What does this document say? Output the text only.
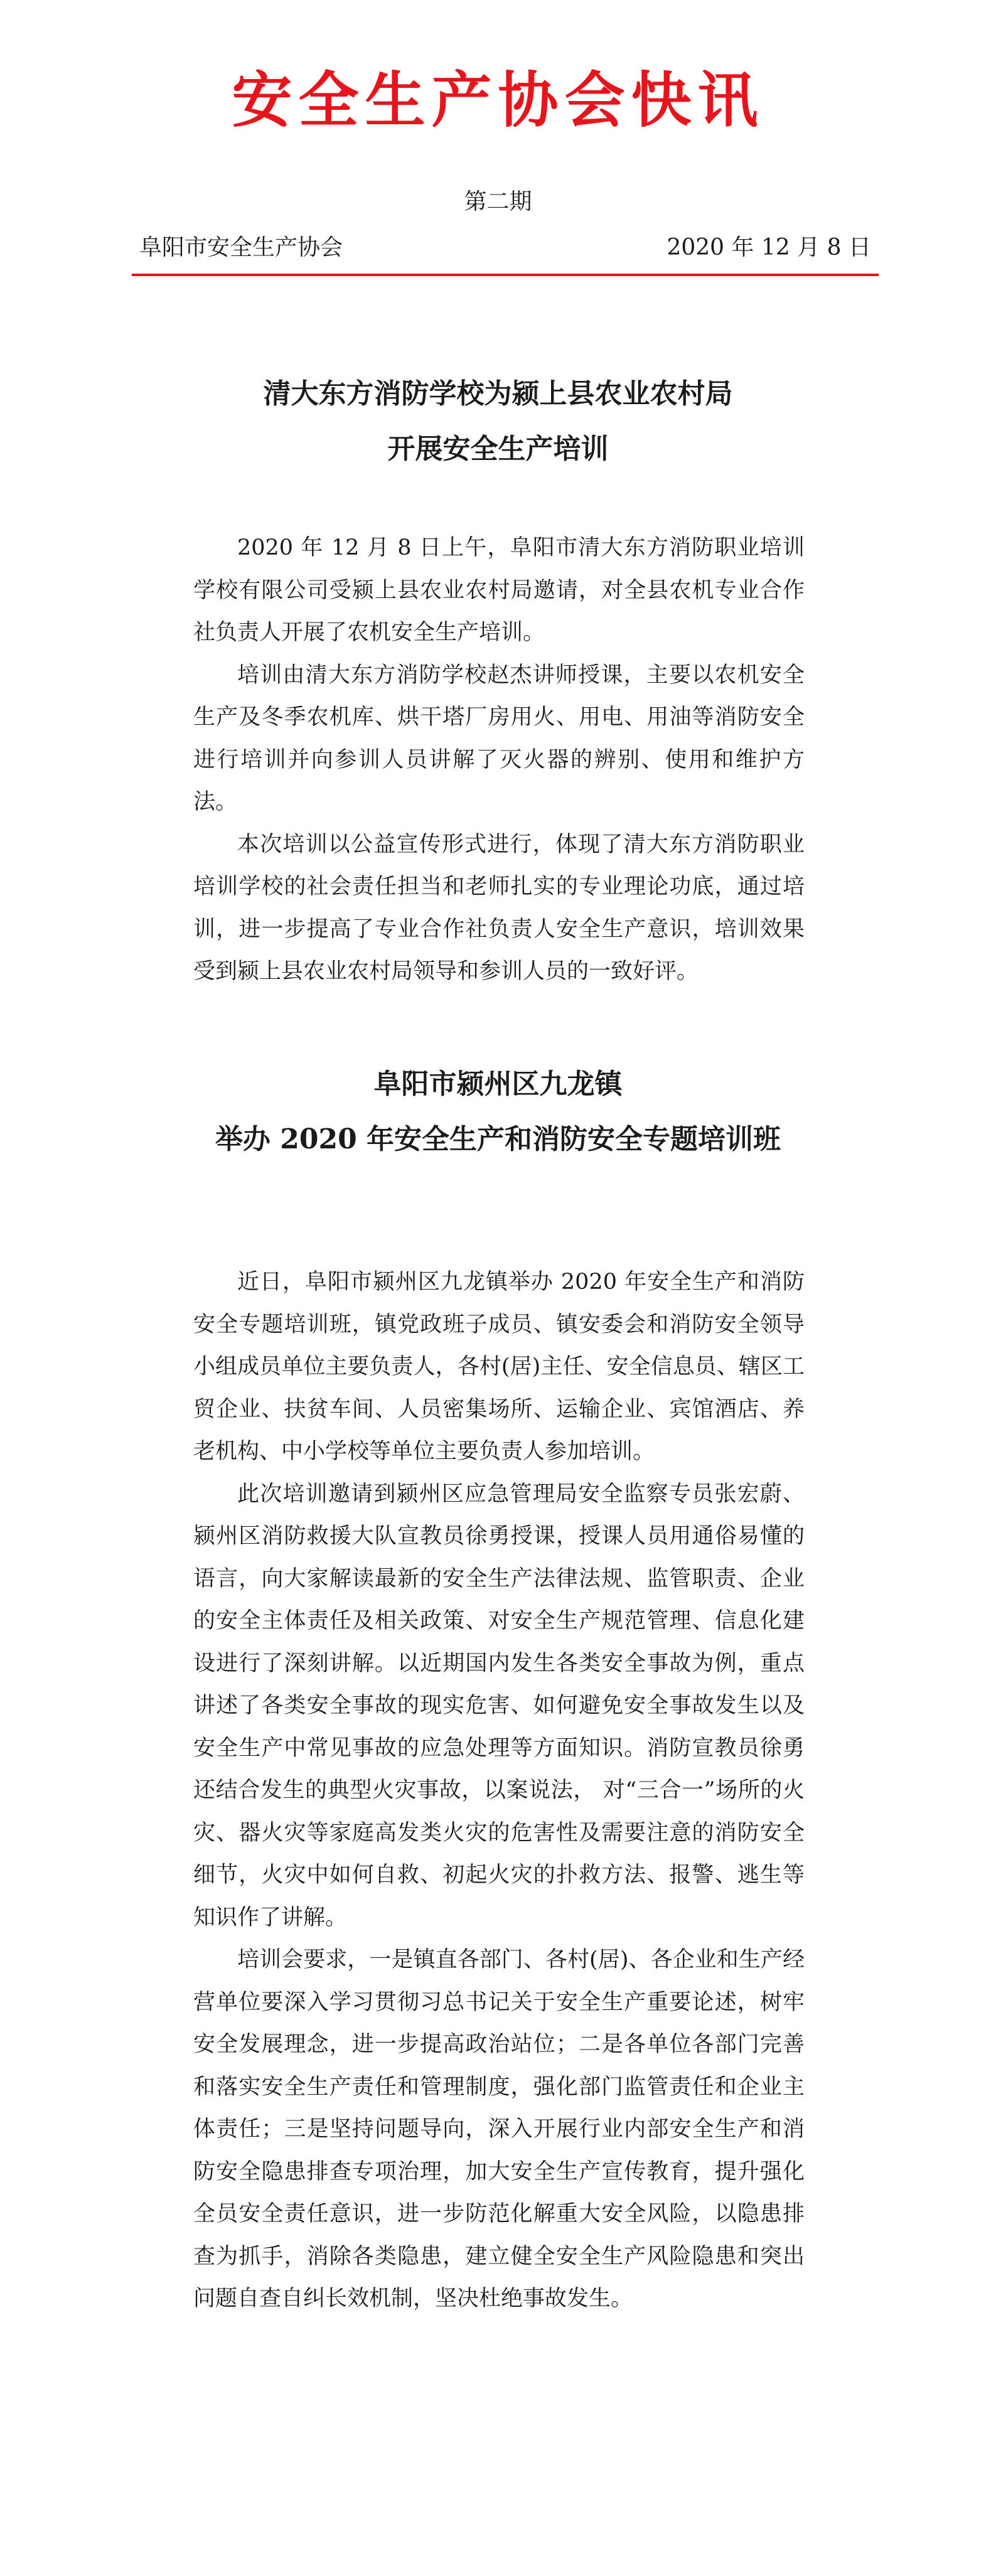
安全生产协会快讯
第二期
阜阳市安全生产协会	2020 年 12 月 8 日
清大东方消防学校为颍上县农业农村局
开展安全生产培训

2020 年 12 月 8 日上午，阜阳市清大东方消防职业培训学校有限公司受颍上县农业农村局邀请，对全县农机专业合作社负责人开展了农机安全生产培训。

培训由清大东方消防学校赵杰讲师授课，主要以农机安全生产及冬季农机库、烘干塔厂房用火、用电、用油等消防安全进行培训并向参训人员讲解了灭火器的辨别、使用和维护方法。

本次培训以公益宣传形式进行，体现了清大东方消防职业培训学校的社会责任担当和老师扎实的专业理论功底，通过培训，进一步提高了专业合作社负责人安全生产意识，培训效果受到颍上县农业农村局领导和参训人员的一致好评。

阜阳市颍州区九龙镇
举办 2020 年安全生产和消防安全专题培训班

近日，阜阳市颍州区九龙镇举办 2020 年安全生产和消防安全专题培训班，镇党政班子成员、镇安委会和消防安全领导小组成员单位主要负责人，各村(居)主任、安全信息员、辖区工贸企业、扶贫车间、人员密集场所、运输企业、宾馆酒店、养老机构、中小学校等单位主要负责人参加培训。

此次培训邀请到颍州区应急管理局安全监察专员张宏蔚、颍州区消防救援大队宣教员徐勇授课，授课人员用通俗易懂的语言，向大家解读最新的安全生产法律法规、监管职责、企业的安全主体责任及相关政策、对安全生产规范管理、信息化建设进行了深刻讲解。以近期国内发生各类安全事故为例，重点讲述了各类安全事故的现实危害、如何避免安全事故发生以及安全生产中常见事故的应急处理等方面知识。消防宣教员徐勇还结合发生的典型火灾事故，以案说法， 对“三合一”场所的火灾、器火灾等家庭高发类火灾的危害性及需要注意的消防安全细节，火灾中如何自救、初起火灾的扑救方法、报警、逃生等知识作了讲解。

培训会要求，一是镇直各部门、各村(居)、各企业和生产经营单位要深入学习贯彻习总书记关于安全生产重要论述，树牢安全发展理念，进一步提高政治站位；二是各单位各部门完善和落实安全生产责任和管理制度，强化部门监管责任和企业主体责任；三是坚持问题导向，深入开展行业内部安全生产和消防安全隐患排查专项治理，加大安全生产宣传教育，提升强化全员安全责任意识，进一步防范化解重大安全风险，以隐患排查为抓手，消除各类隐患，建立健全安全生产风险隐患和突出问题自查自纠长效机制，坚决杜绝事故发生。
